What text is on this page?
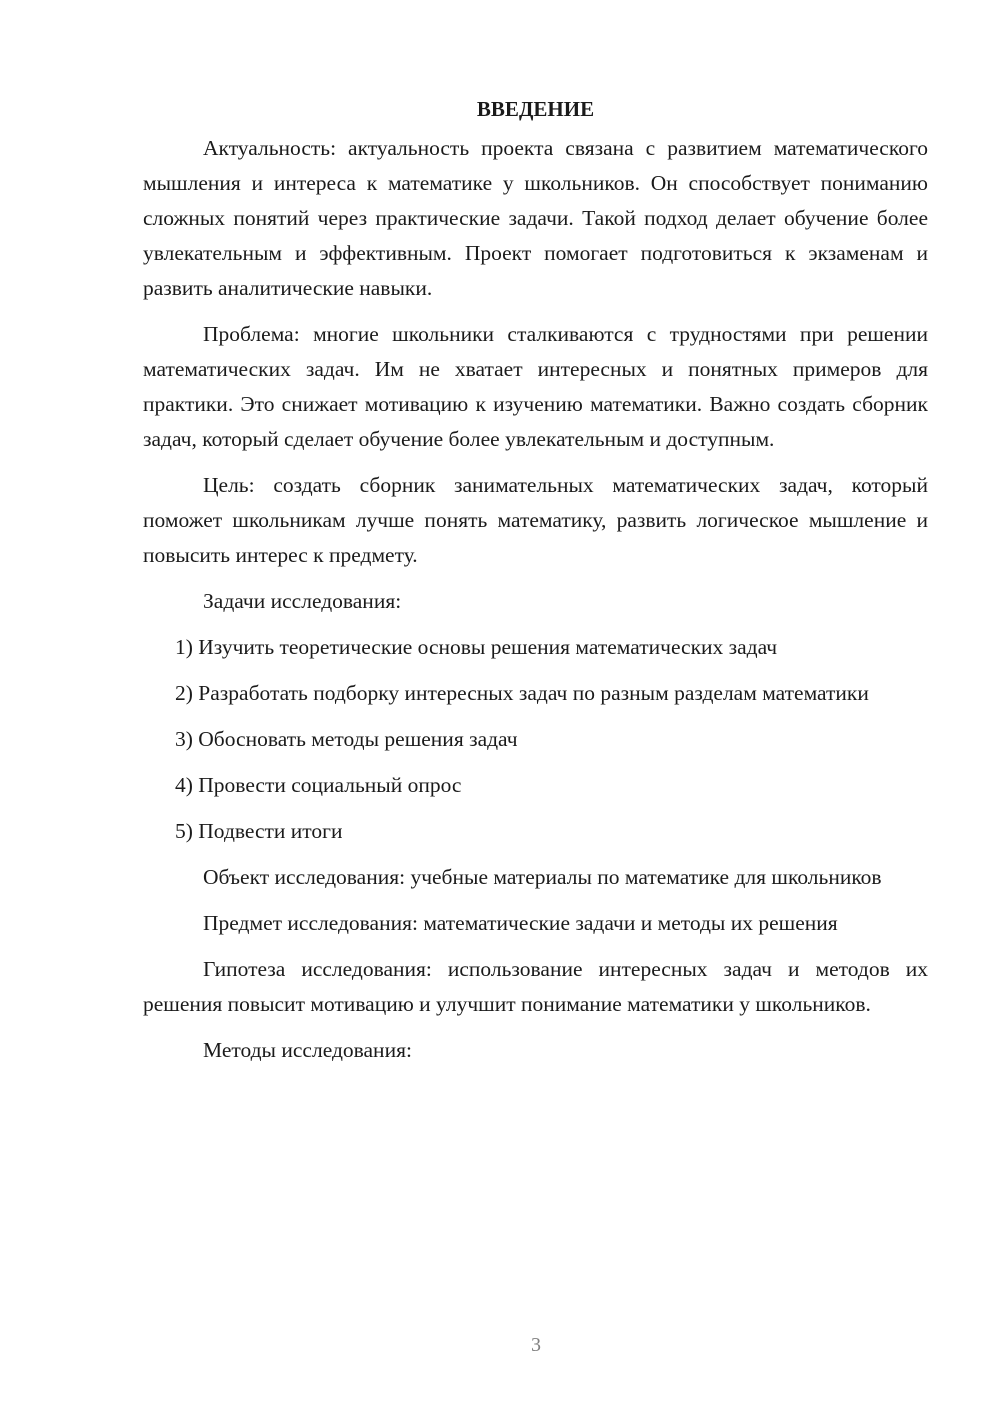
ВВЕДЕНИЕ

Актуальность: актуальность проекта связана с развитием математического мышления и интереса к математике у школьников. Он способствует пониманию сложных понятий через практические задачи. Такой подход делает обучение более увлекательным и эффективным. Проект помогает подготовиться к экзаменам и развить аналитические навыки.

Проблема: многие школьники сталкиваются с трудностями при решении математических задач. Им не хватает интересных и понятных примеров для практики. Это снижает мотивацию к изучению математики. Важно создать сборник задач, который сделает обучение более увлекательным и доступным.

Цель: создать сборник занимательных математических задач, который поможет школьникам лучше понять математику, развить логическое мышление и повысить интерес к предмету.

Задачи исследования:

1) Изучить теоретические основы решения математических задач

2) Разработать подборку интересных задач по разным разделам математики

3) Обосновать методы решения задач

4) Провести социальный опрос

5) Подвести итоги

Объект исследования: учебные материалы по математике для школьников

Предмет исследования: математические задачи и методы их решения

Гипотеза исследования: использование интересных задач и методов их решения повысит мотивацию и улучшит понимание математики у школьников.

Методы исследования:

3
